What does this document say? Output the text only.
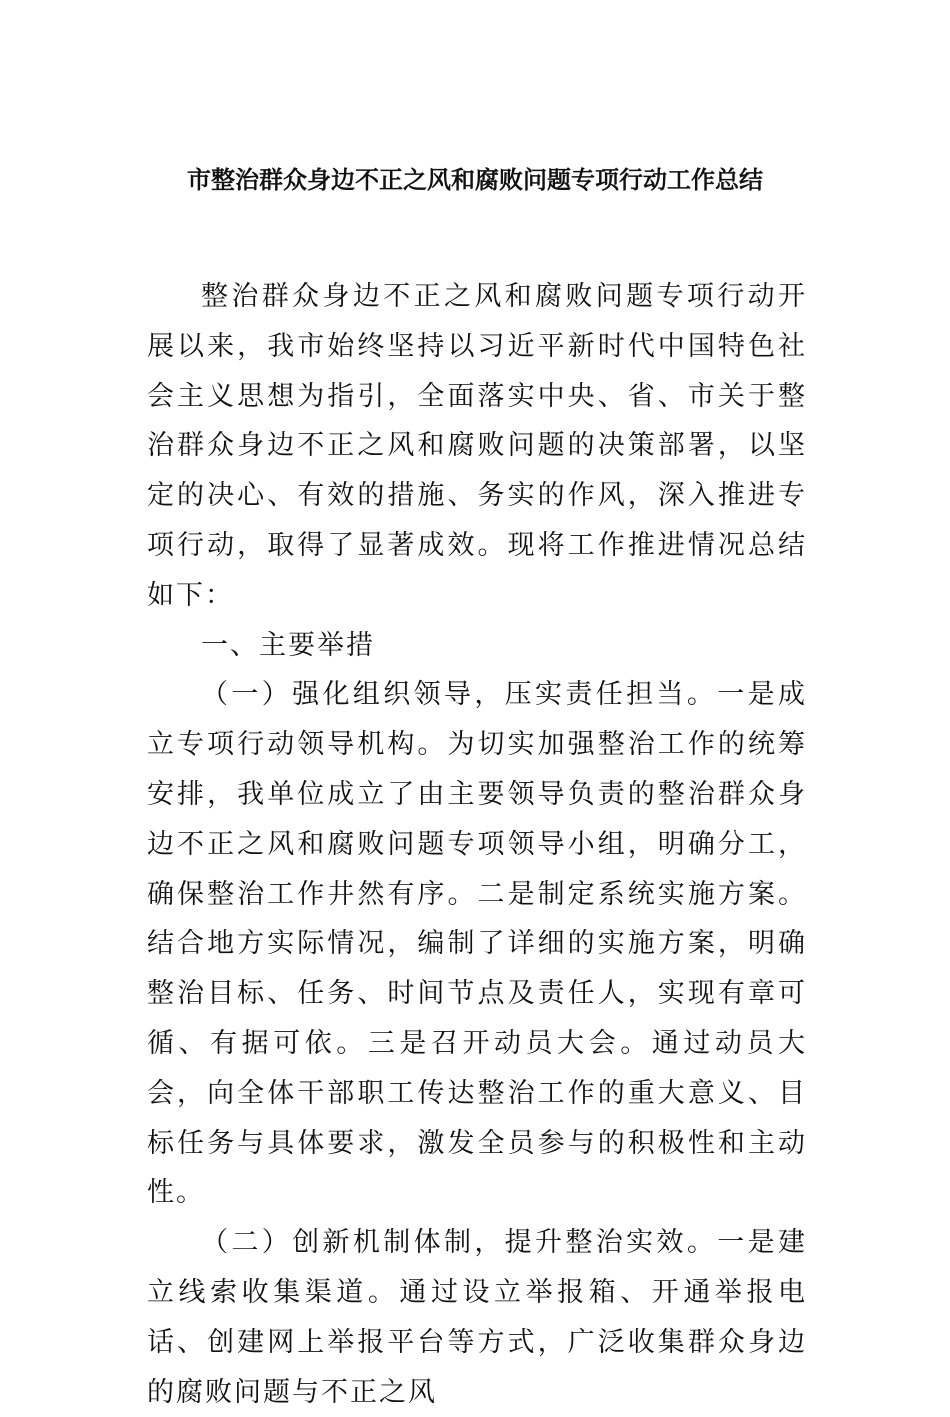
市整治群众身边不正之风和腐败问题专项行动工作总结

整治群众身边不正之风和腐败问题专项行动开展以来，我市始终坚持以习近平新时代中国特色社会主义思想为指引，全面落实中央、省、市关于整治群众身边不正之风和腐败问题的决策部署，以坚定的决心、有效的措施、务实的作风，深入推进专项行动，取得了显著成效。现将工作推进情况总结如下：

一、主要举措

（一）强化组织领导，压实责任担当。一是成立专项行动领导机构。为切实加强整治工作的统筹安排，我单位成立了由主要领导负责的整治群众身边不正之风和腐败问题专项领导小组，明确分工，确保整治工作井然有序。二是制定系统实施方案。结合地方实际情况，编制了详细的实施方案，明确整治目标、任务、时间节点及责任人，实现有章可循、有据可依。三是召开动员大会。通过动员大会，向全体干部职工传达整治工作的重大意义、目标任务与具体要求，激发全员参与的积极性和主动性。

（二）创新机制体制，提升整治实效。一是建立线索收集渠道。通过设立举报箱、开通举报电话、创建网上举报平台等方式，广泛收集群众身边的腐败问题与不正之风
